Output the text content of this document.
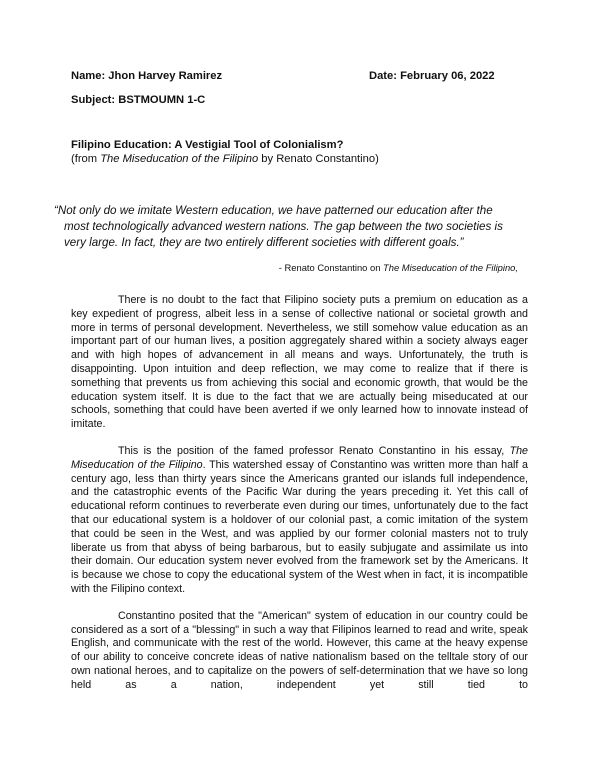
Name: Jhon Harvey Ramirez	Date: February 06, 2022
Subject: BSTMOUMN 1-C
Filipino Education: A Vestigial Tool of Colonialism?
(from The Miseducation of the Filipino by Renato Constantino)
“Not only do we imitate Western education, we have patterned our education after the most technologically advanced western nations. The gap between the two societies is very large. In fact, they are two entirely different societies with different goals.”
- Renato Constantino on The Miseducation of the Filipino,

There is no doubt to the fact that Filipino society puts a premium on education as a key expedient of progress, albeit less in a sense of collective national or societal growth and more in terms of personal development. Nevertheless, we still somehow value education as an important part of our human lives, a position aggregately shared within a society always eager and with high hopes of advancement in all means and ways. Unfortunately, the truth is disappointing. Upon intuition and deep reflection, we may come to realize that if there is something that prevents us from achieving this social and economic growth, that would be the education system itself. It is due to the fact that we are actually being miseducated at our schools, something that could have been averted if we only learned how to innovate instead of imitate.

This is the position of the famed professor Renato Constantino in his essay, The Miseducation of the Filipino. This watershed essay of Constantino was written more than half a century ago, less than thirty years since the Americans granted our islands full independence, and the catastrophic events of the Pacific War during the years preceding it. Yet this call of educational reform continues to reverberate even during our times, unfortunately due to the fact that our educational system is a holdover of our colonial past, a comic imitation of the system that could be seen in the West, and was applied by our former colonial masters not to truly liberate us from that abyss of being barbarous, but to easily subjugate and assimilate us into their domain. Our education system never evolved from the framework set by the Americans. It is because we chose to copy the educational system of the West when in fact, it is incompatible with the Filipino context.

Constantino posited that the "American" system of education in our country could be considered as a sort of a "blessing" in such a way that Filipinos learned to read and write, speak English, and communicate with the rest of the world. However, this came at the heavy expense of our ability to conceive concrete ideas of native nationalism based on the telltale story of our own national heroes, and to capitalize on the powers of self-determination that we have so long held as a nation, independent yet still tied to
